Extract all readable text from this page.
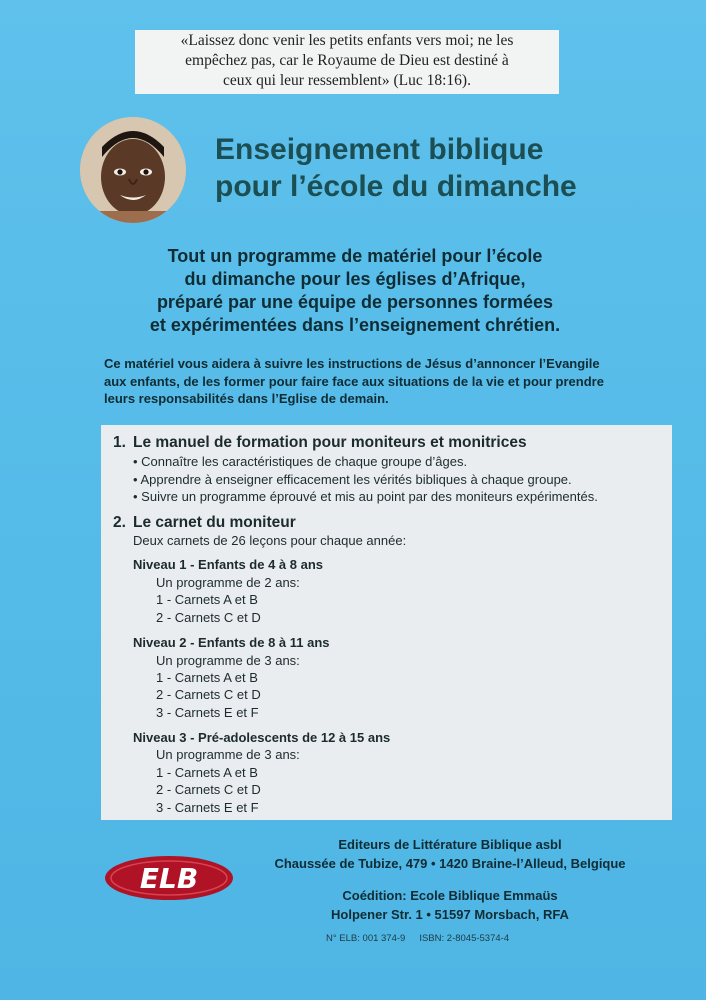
«Laissez donc venir les petits enfants vers moi; ne les
empêchez pas, car le Royaume de Dieu est destiné à
ceux qui leur ressemblent» (Luc 18:16).
Enseignement biblique
pour l’école du dimanche
Tout un programme de matériel pour l’école
du dimanche pour les églises d’Afrique,
préparé par une équipe de personnes formées
et expérimentées dans l’enseignement chrétien.
Ce matériel vous aidera à suivre les instructions de Jésus d’annoncer l’Evangile
aux enfants, de les former pour faire face aux situations de la vie et pour prendre
leurs responsabilités dans l’Eglise de demain.
1. Le manuel de formation pour moniteurs et monitrices
• Connaître les caractéristiques de chaque groupe d’âges.
• Apprendre à enseigner efficacement les vérités bibliques à chaque groupe.
• Suivre un programme éprouvé et mis au point par des moniteurs expérimentés.
2. Le carnet du moniteur
Deux carnets de 26 leçons pour chaque année:
Niveau 1 - Enfants de 4 à 8 ans
Un programme de 2 ans:
1 - Carnets A et B
2 - Carnets C et D
Niveau 2 - Enfants de 8 à 11 ans
Un programme de 3 ans:
1 - Carnets A et B
2 - Carnets C et D
3 - Carnets E et F
Niveau 3 - Pré-adolescents de 12 à 15 ans
Un programme de 3 ans:
1 - Carnets A et B
2 - Carnets C et D
3 - Carnets E et F
ELB
Editeurs de Littérature Biblique asbl
Chaussée de Tubize, 479 • 1420 Braine-l’Alleud, Belgique
Coédition: Ecole Biblique Emmaüs
Holpener Str. 1 • 51597 Morsbach, RFA
N° ELB: 001 374-9 ISBN: 2-8045-5374-4
